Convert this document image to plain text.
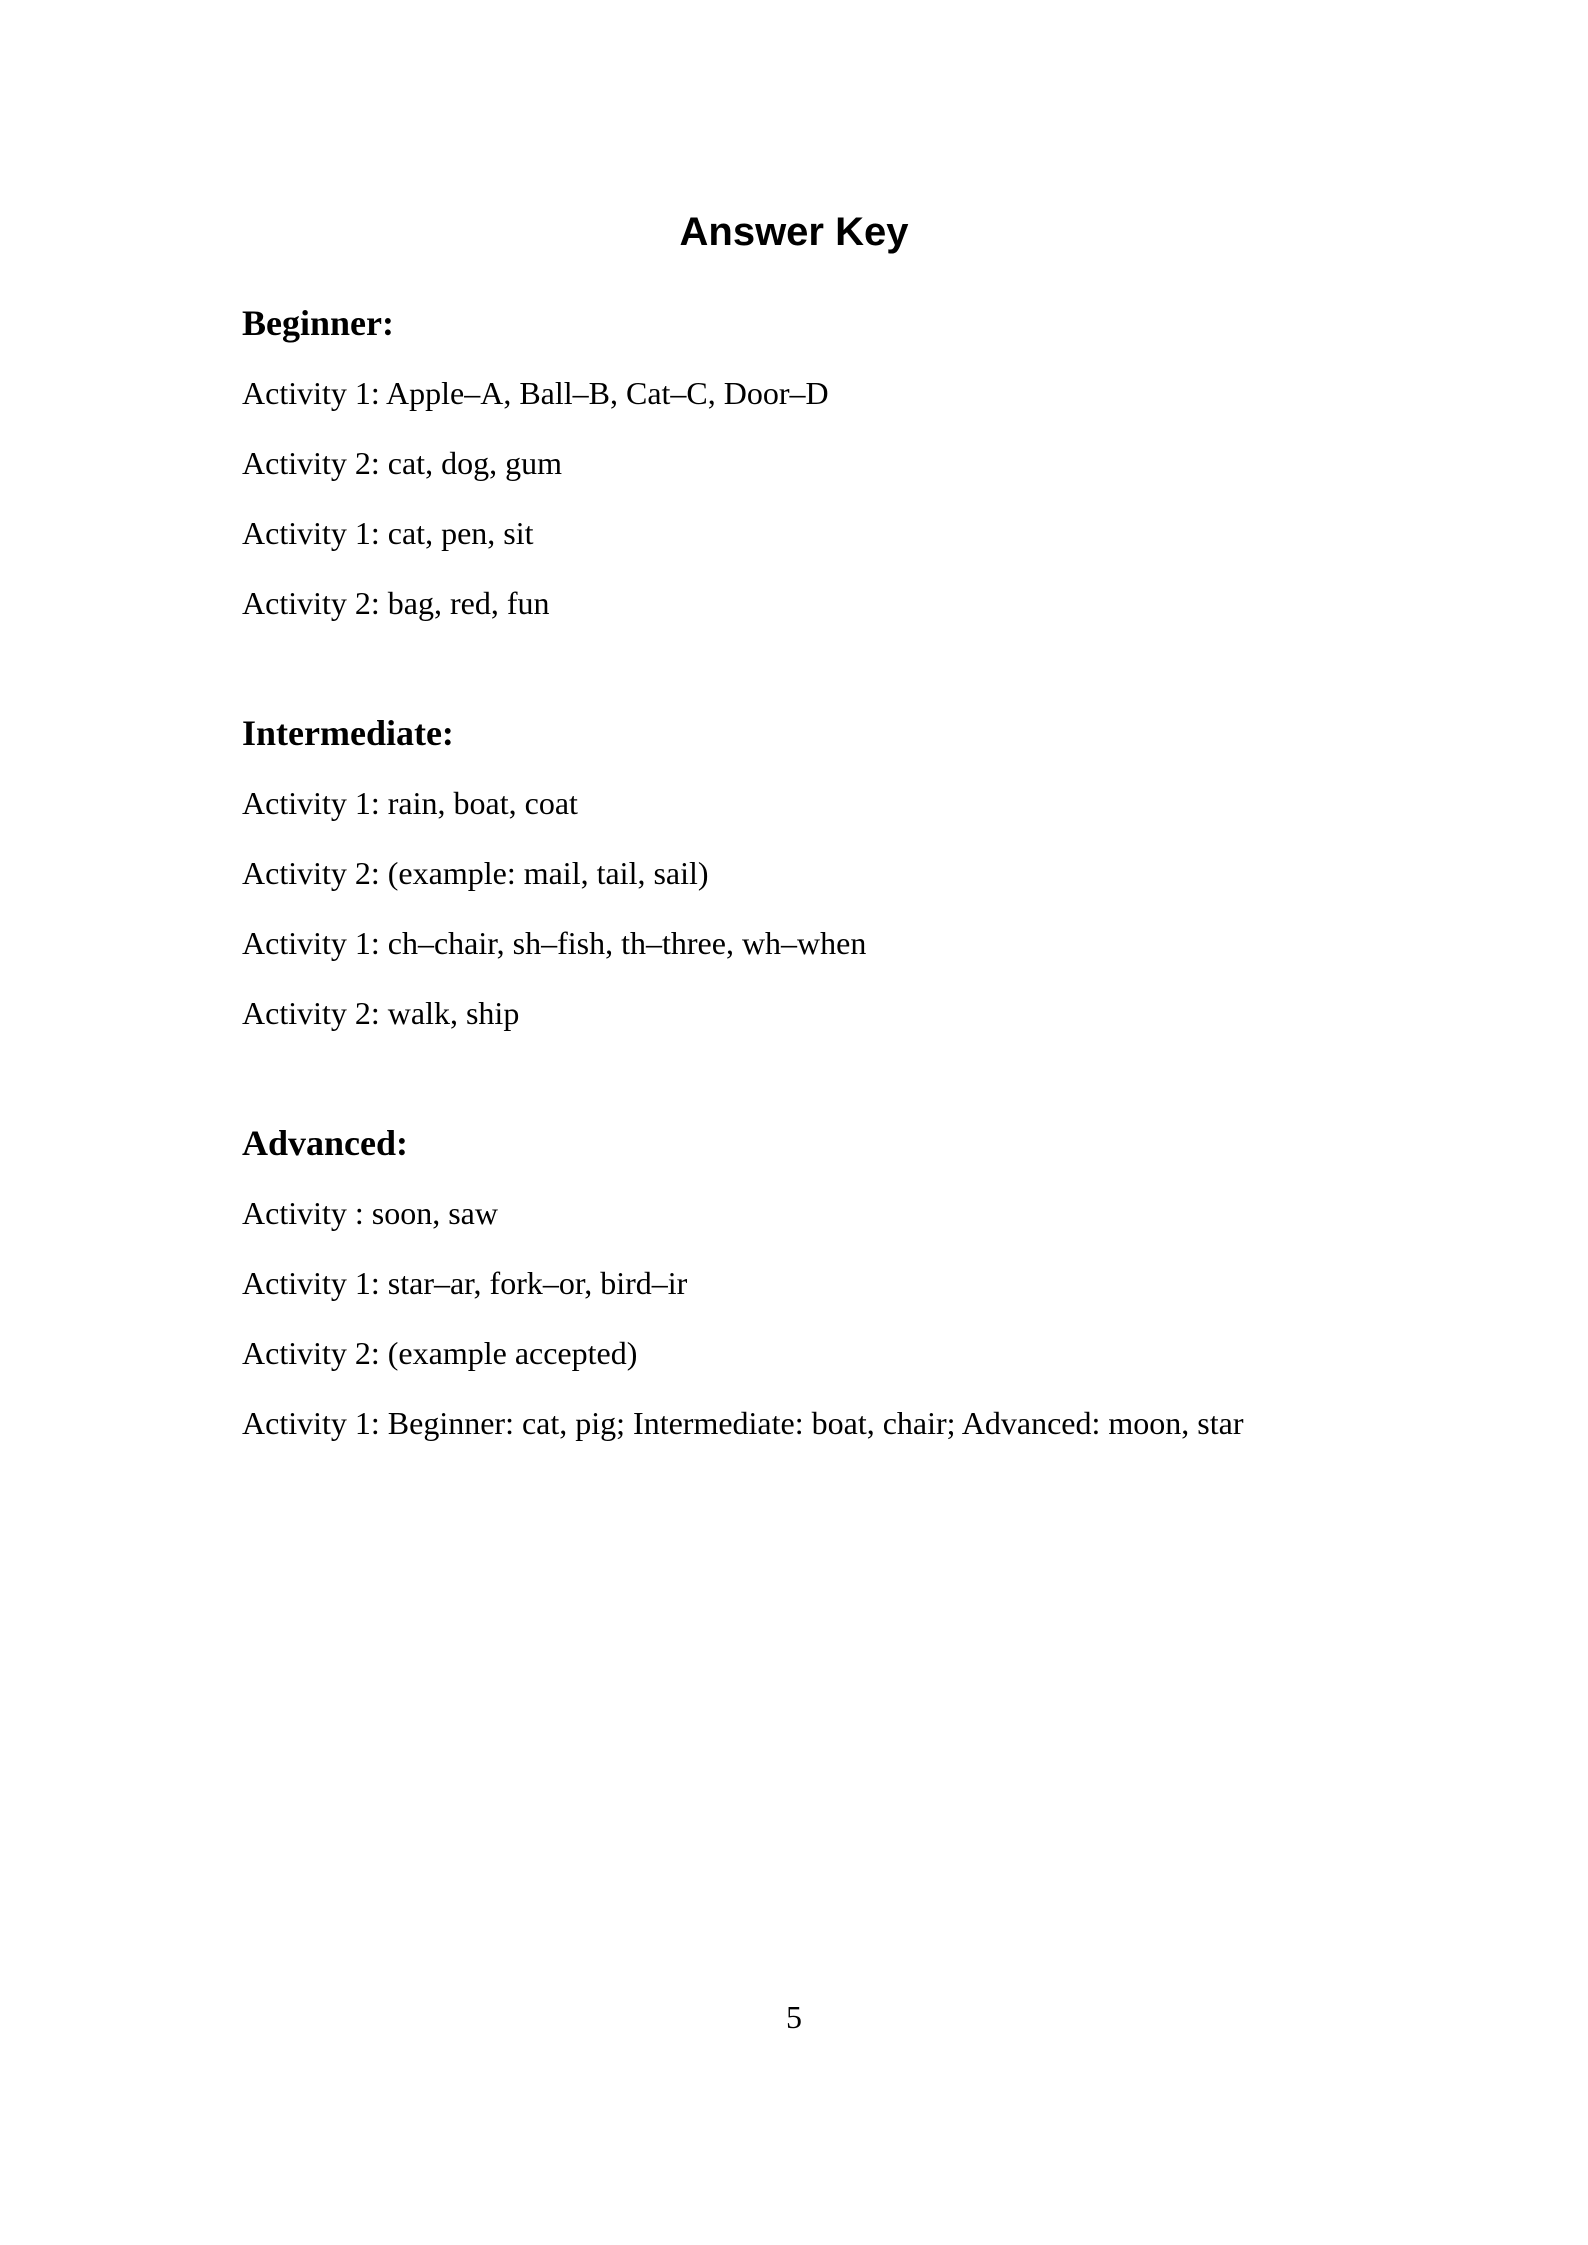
Answer Key
Beginner:

Activity 1: Apple–A, Ball–B, Cat–C, Door–D

Activity 2: cat, dog, gum

Activity 1: cat, pen, sit

Activity 2: bag, red, fun

Intermediate:

Activity 1: rain, boat, coat

Activity 2: (example: mail, tail, sail)

Activity 1: ch–chair, sh–fish, th–three, wh–when

Activity 2: walk, ship

Advanced:

Activity : soon, saw

Activity 1: star–ar, fork–or, bird–ir

Activity 2: (example accepted)

Activity 1: Beginner: cat, pig; Intermediate: boat, chair; Advanced: moon, star

5
